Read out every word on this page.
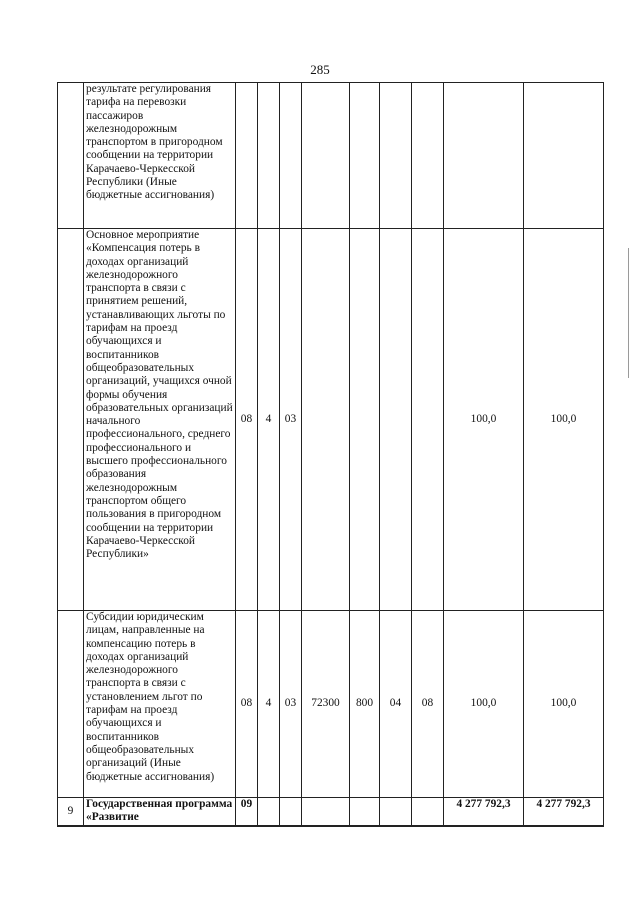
285
	результате регулирования тарифа на перевозки пассажиров железнодорожным транспортом в пригородном сообщении на территории Карачаево-Черкесской Республики (Иные бюджетные ассигнования)									
	Основное мероприятие «Компенсация потерь в доходах организаций железнодорожного транспорта в связи с принятием решений, устанавливающих льготы по тарифам на проезд обучающихся и воспитанников общеобразовательных организаций, учащихся очной формы обучения образовательных организаций начального профессионального, среднего профессионального и высшего профессионального образования железнодорожным транспортом общего пользования в пригородном сообщении на территории Карачаево-Черкесской Республики»	08	4	03					100,0	100,0
	Субсидии юридическим лицам, направленные на компенсацию потерь в доходах организаций железнодорожного транспорта в связи с установлением льгот по тарифам на проезд обучающихся и воспитанников общеобразовательных организаций (Иные бюджетные ассигнования)	08	4	03	72300	800	04	08	100,0	100,0
9	Государственная программа «Развитие	09							4 277 792,3	4 277 792,3
